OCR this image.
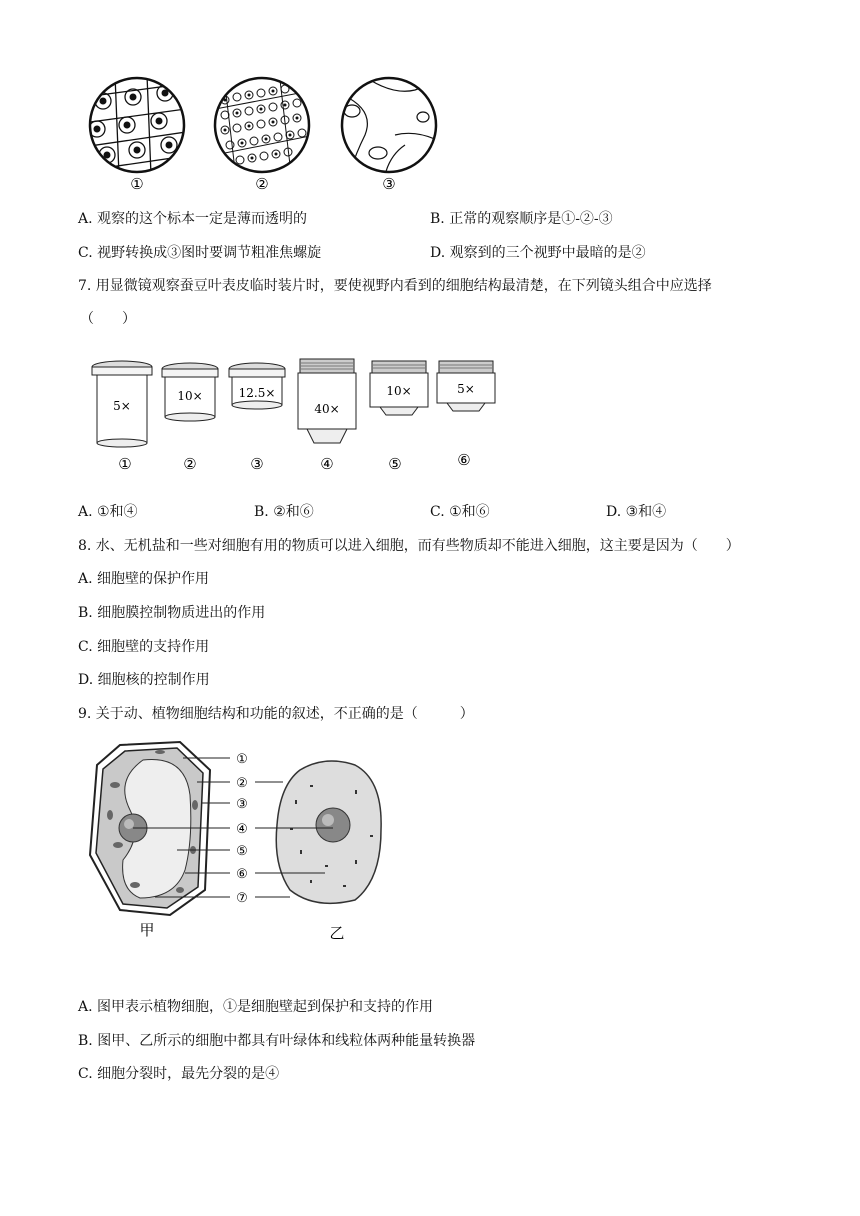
①	②	③
A. 观察的这个标本一定是薄而透明的	B. 正常的观察顺序是①-②-③
C. 视野转换成③图时要调节粗准焦螺旋	D. 观察到的三个视野中最暗的是②
7. 用显微镜观察蚕豆叶表皮临时装片时，要使视野内看到的细胞结构最清楚，在下列镜头组合中应选择
（　　）
5×
10×	12.5×
40×
10×	5×
①	②	③	④	⑤	⑥
A. ①和④	B. ②和⑥	C. ①和⑥	D. ③和④
8. 水、无机盐和一些对细胞有用的物质可以进入细胞，而有些物质却不能进入细胞，这主要是因为（　　）
A. 细胞壁的保护作用
B. 细胞膜控制物质进出的作用
C. 细胞壁的支持作用
D. 细胞核的控制作用
9. 关于动、植物细胞结构和功能的叙述，不正确的是（　　　）
①
②
③
④
⑤
⑥
⑦
甲	乙
A. 图甲表示植物细胞，①是细胞壁起到保护和支持的作用
B. 图甲、乙所示的细胞中都具有叶绿体和线粒体两种能量转换器
C. 细胞分裂时，最先分裂的是④
